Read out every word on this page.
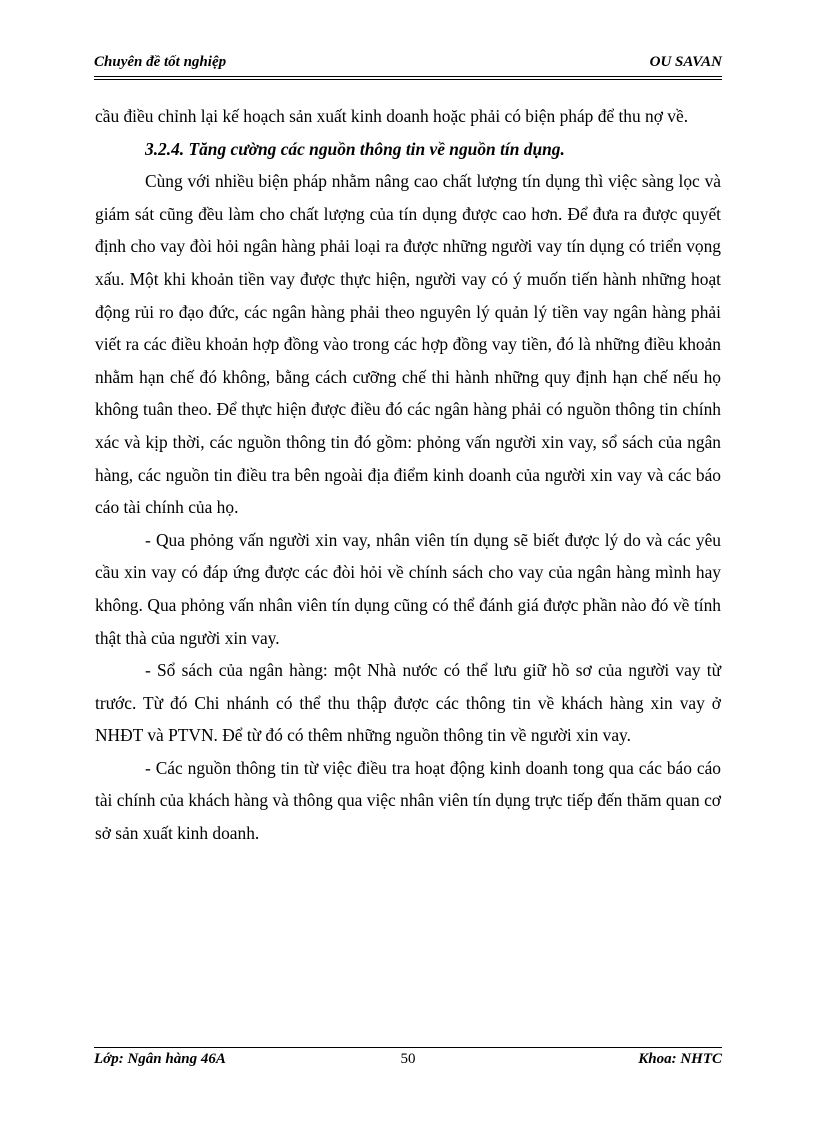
Chuyên đề tốt nghiệp	OU SAVAN

cầu điều chỉnh lại kế hoạch sản xuất kinh doanh hoặc phải có biện pháp để thu nợ về.

3.2.4. Tăng cường các nguồn thông tin về nguồn tín dụng.

Cùng với nhiều biện pháp nhằm nâng cao chất lượng tín dụng thì việc sàng lọc và giám sát cũng đều làm cho chất lượng của tín dụng được cao hơn. Để đưa ra được quyết định cho vay đòi hỏi ngân hàng phải loại ra được những người vay tín dụng có triển vọng xấu. Một khi khoản tiền vay được thực hiện, người vay có ý muốn tiến hành những hoạt động rủi ro đạo đức, các ngân hàng phải theo nguyên lý quản lý tiền vay ngân hàng phải viết ra các điều khoản hợp đồng vào trong các hợp đồng vay tiền, đó là những điều khoản nhằm hạn chế đó không, bằng cách cưỡng chế thi hành những quy định hạn chế nếu họ không tuân theo. Để thực hiện được điều đó các ngân hàng phải có nguồn thông tin chính xác và kịp thời, các nguồn thông tin đó gồm: phỏng vấn người xin vay, sổ sách của ngân hàng, các nguồn tin điều tra bên ngoài địa điểm kinh doanh của người xin vay và các báo cáo tài chính của họ.

- Qua phỏng vấn người xin vay, nhân viên tín dụng sẽ biết được lý do và các yêu cầu xin vay có đáp ứng được các đòi hỏi về chính sách cho vay của ngân hàng mình hay không. Qua phỏng vấn nhân viên tín dụng cũng có thể đánh giá được phần nào đó về tính thật thà của người xin vay.

- Sổ sách của ngân hàng: một Nhà nước có thể lưu giữ hồ sơ của người vay từ trước. Từ đó Chi nhánh có thể thu thập được các thông tin về khách hàng xin vay ở NHĐT và PTVN. Để từ đó có thêm những nguồn thông tin về người xin vay.

- Các nguồn thông tin từ việc điều tra hoạt động kinh doanh tong qua các báo cáo tài chính của khách hàng và thông qua việc nhân viên tín dụng trực tiếp đến thăm quan cơ sở sản xuất kinh doanh.

Lớp: Ngân hàng 46A	50	Khoa: NHTC
